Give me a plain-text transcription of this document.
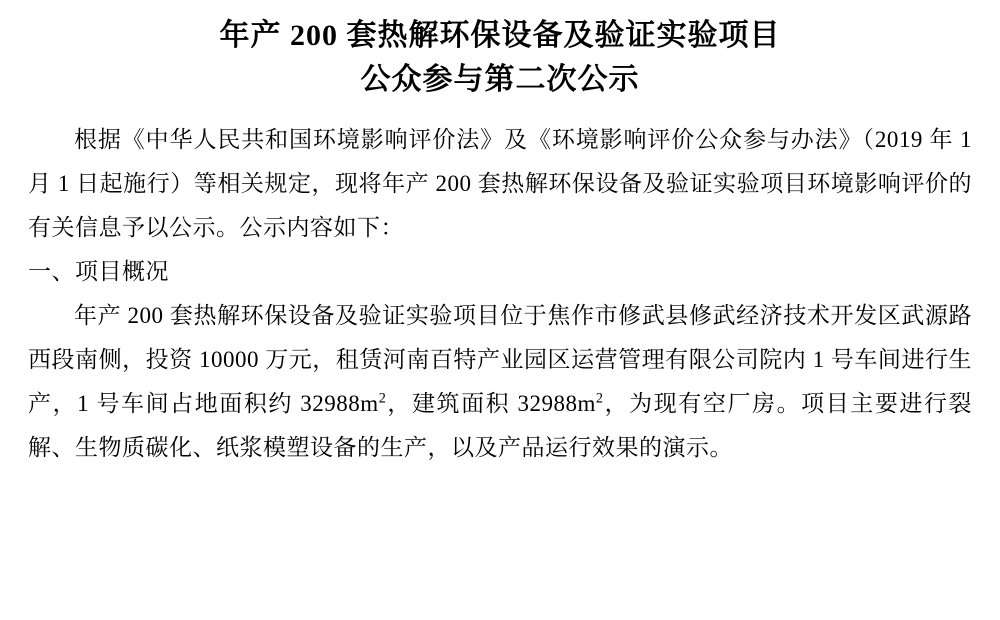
年产 200 套热解环保设备及验证实验项目
公众参与第二次公示

根据《中华人民共和国环境影响评价法》及《环境影响评价公众参与办法》（2019 年 1 月 1 日起施行）等相关规定，现将年产 200 套热解环保设备及验证实验项目环境影响评价的有关信息予以公示。公示内容如下：

一、项目概况

年产 200 套热解环保设备及验证实验项目位于焦作市修武县修武经济技术开发区武源路西段南侧，投资 10000 万元，租赁河南百特产业园区运营管理有限公司院内 1 号车间进行生产，1 号车间占地面积约 $32988m^2$，建筑面积 $32988m^2$，为现有空厂房。项目主要进行裂解、生物质碳化、纸浆模塑设备的生产，以及产品运行效果的演示。
